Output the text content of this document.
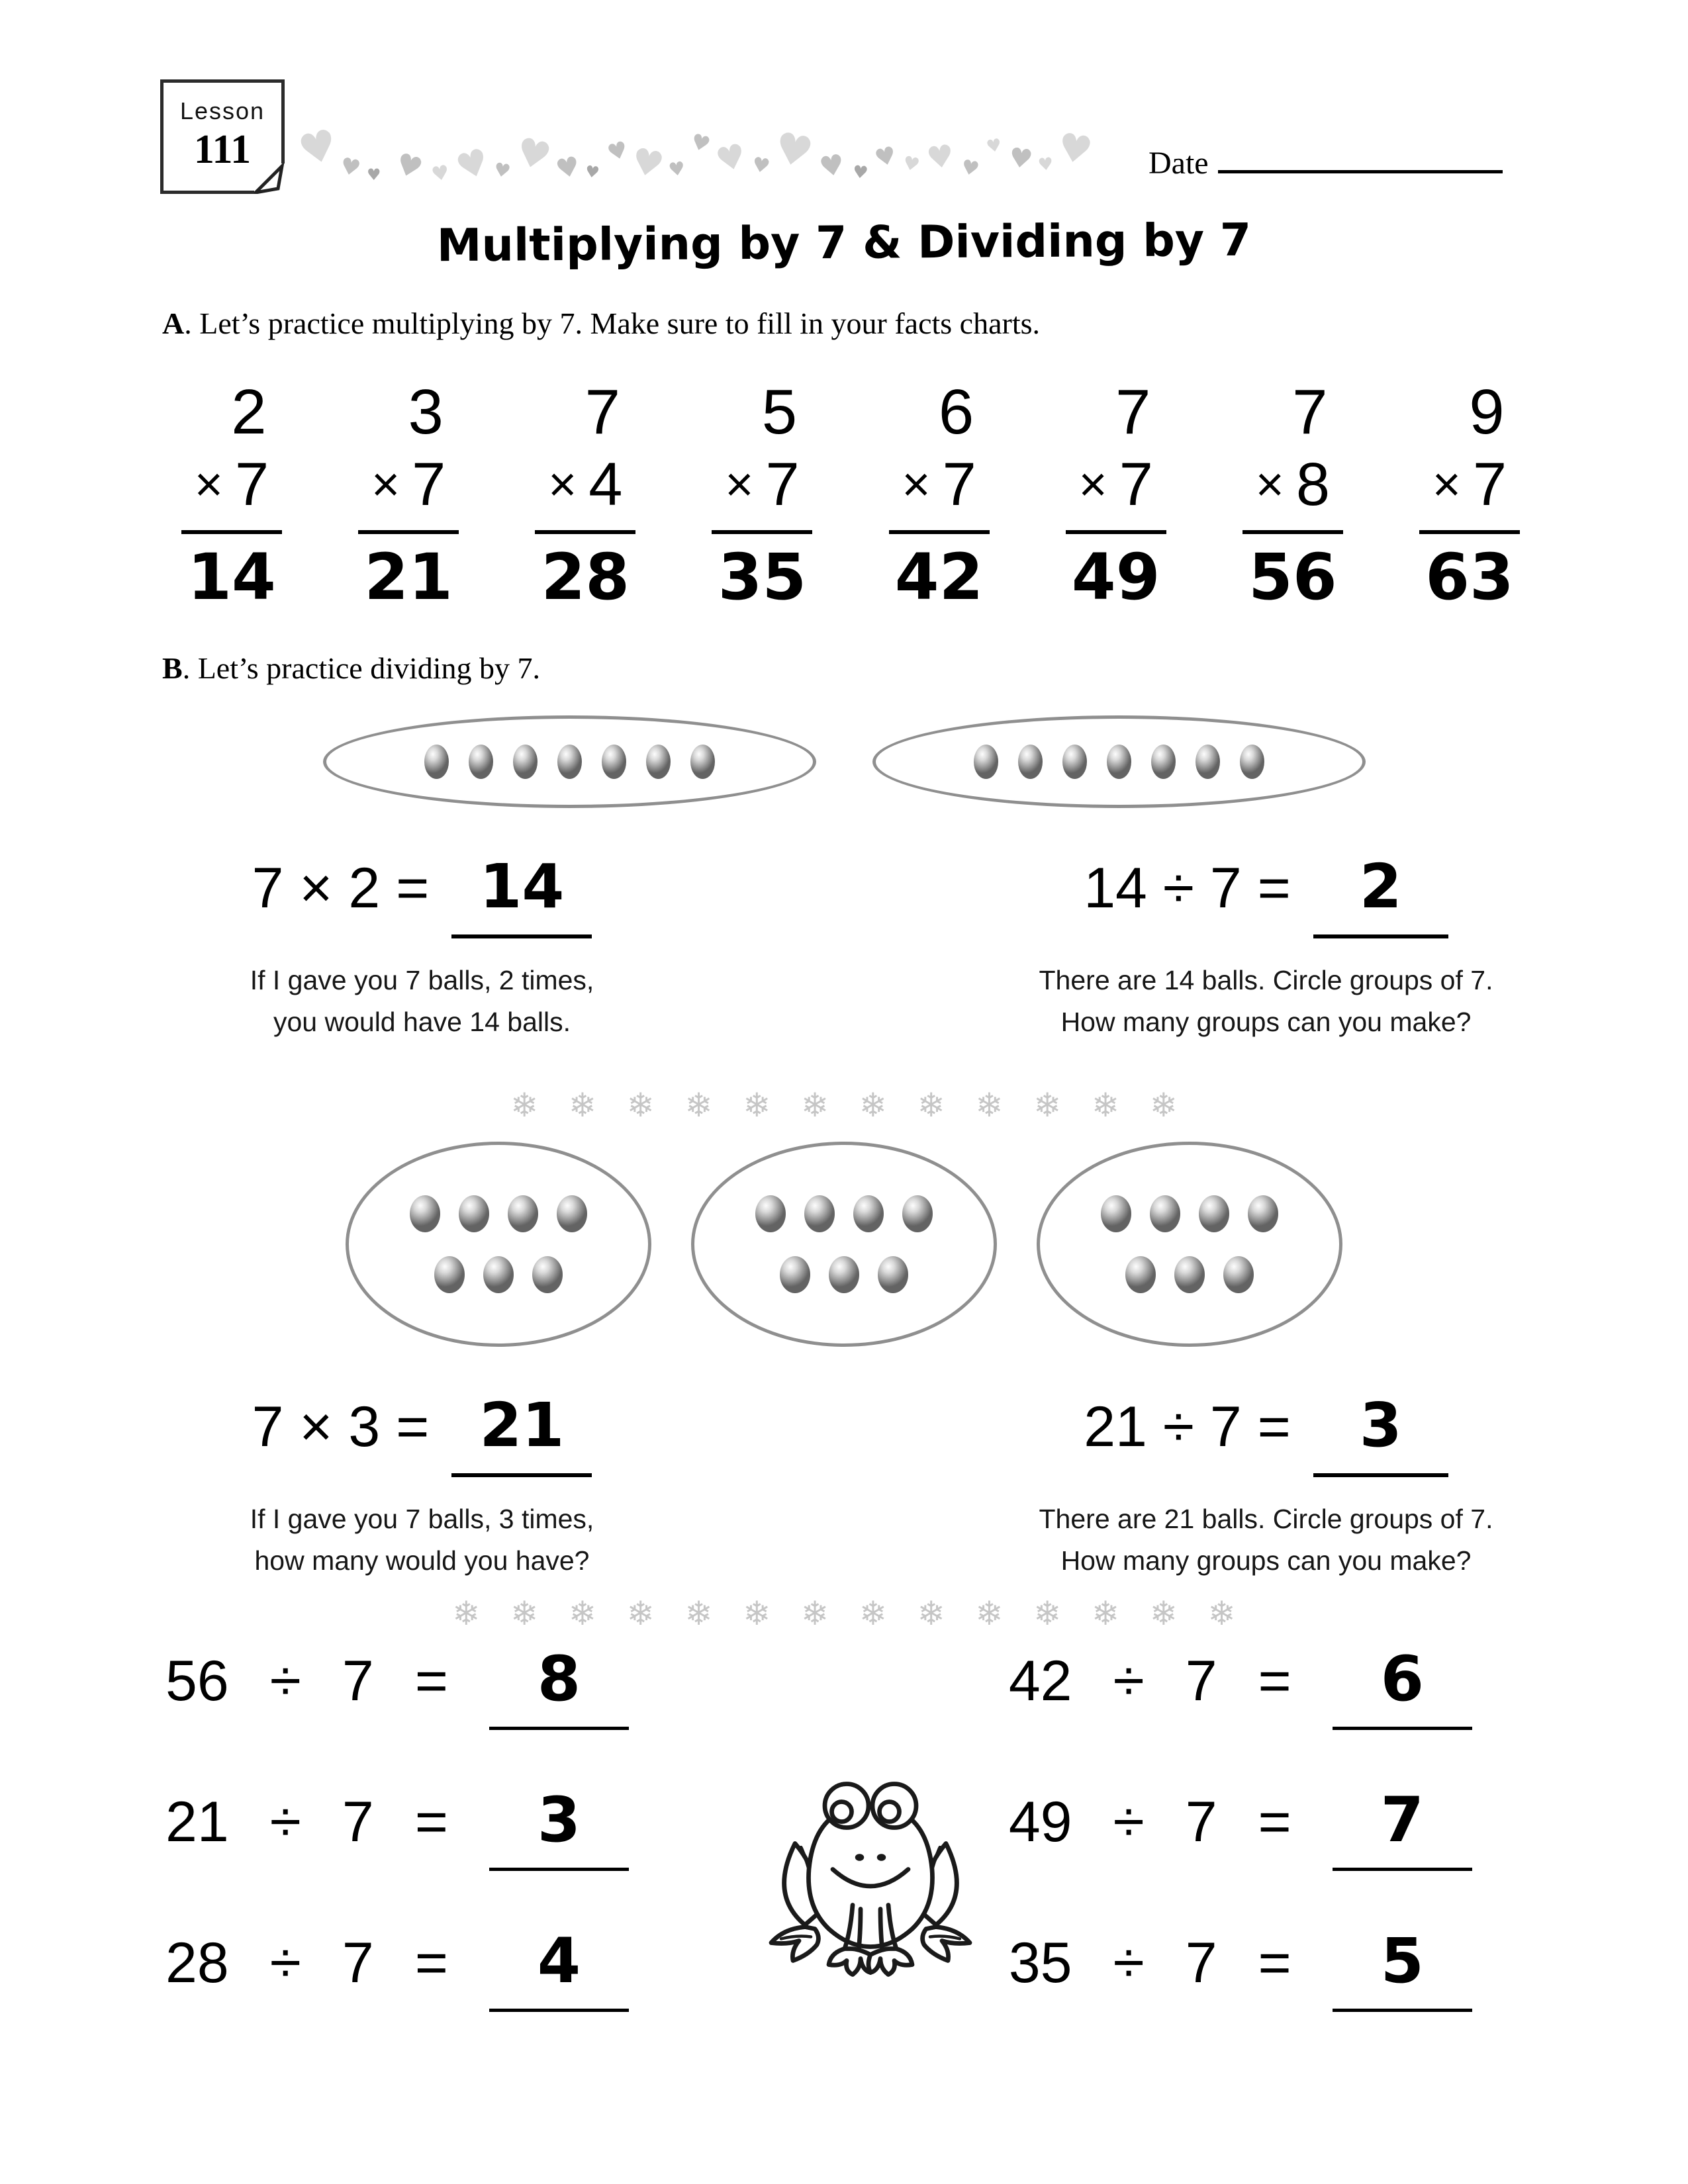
Lesson
111	♥
♥ ♥ ♥ ♥ ♥
♥
♥
♥ ♥
♥
♥ ♥
♥
♥ ♥
♥ ♥ ♥ ♥ ♥ ♥ ♥
♥ ♥ ♥ ♥ Date
Multiplying by 7 & Dividing by 7

A. Let’s practice multiplying by 7. Make sure to fill in your facts charts.

2
× 7
14
3
× 7
21
7
× 4
28
5
× 7
35
6
× 7
42
7
× 7
49
7
× 8
56
9
× 7
63

B. Let’s practice dividing by 7.

7 × 2 = 14	14 ÷ 7 = 2
If I gave you 7 balls, 2 times,
you would have 14 balls.
There are 14 balls. Circle groups of 7.
How many groups can you make?
❄ ❄ ❄ ❄ ❄ ❄ ❄ ❄ ❄ ❄ ❄ ❄
7 × 3 = 21	21 ÷ 7 = 3
If I gave you 7 balls, 3 times,
how many would you have?
There are 21 balls. Circle groups of 7.
How many groups can you make?
❄ ❄ ❄ ❄ ❄ ❄ ❄ ❄ ❄ ❄ ❄ ❄ ❄ ❄
56 ÷ 7 =	8
21 ÷ 7 =	3
28 ÷ 7 =	4
42 ÷ 7 =	6
49 ÷ 7 =	7
35 ÷ 7 =	5
